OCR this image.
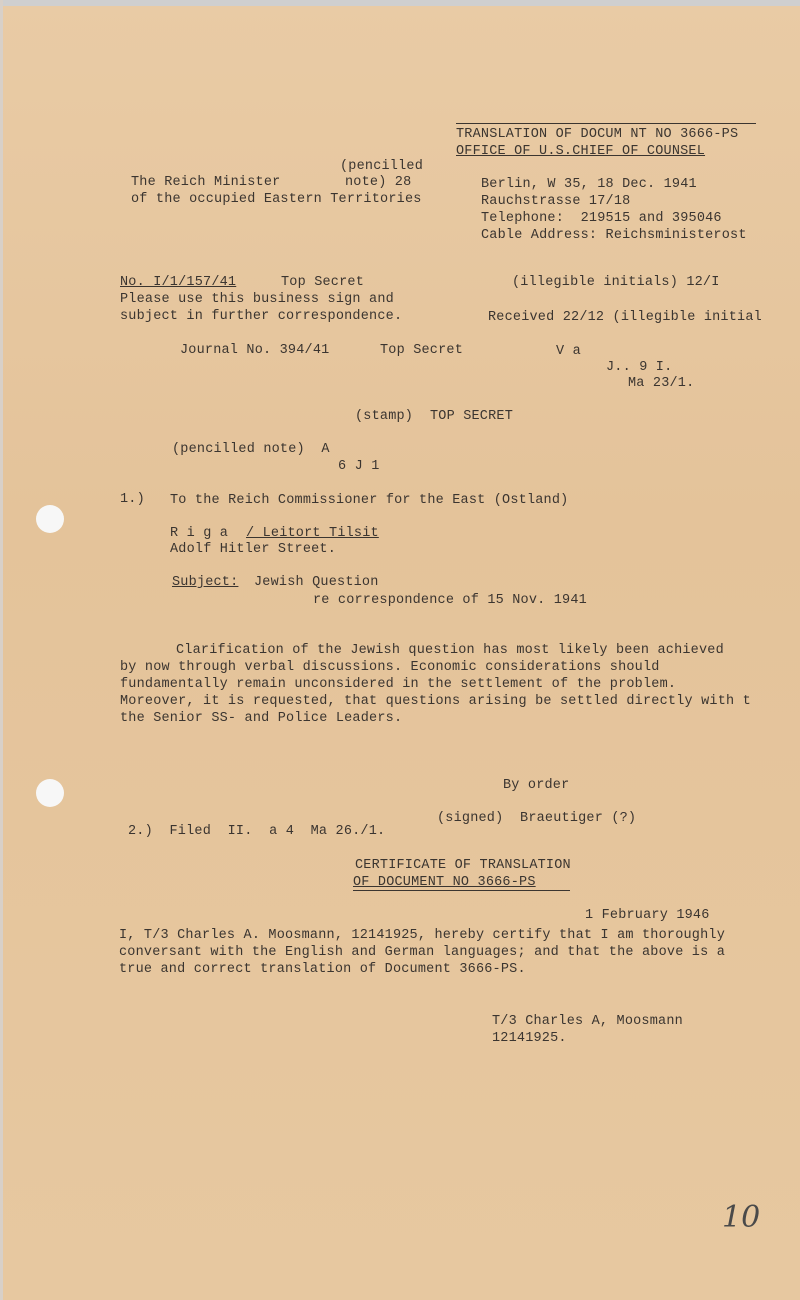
TRANSLATION OF DOCUM NT NO 3666-PS
OFFICE OF U.S.CHIEF OF COUNSEL
(pencilled
The Reich Minister	note) 28
of the occupied Eastern Territories
Berlin, W 35, 18 Dec. 1941
Rauchstrasse 17/18
Telephone:  219515 and 395046
Cable Address: Reichsministerost
No. I/1/157/41	Top Secret
Please use this business sign and
subject in further correspondence.
(illegible initials) 12/I
Received 22/12 (illegible initial
Journal No. 394/41	Top Secret	V a
J.. 9 I.
Ma 23/1.
(stamp) TOP SECRET
(pencilled note)  A
6 J 1
1.) To the Reich Commissioner for the East (Ostland)
R i g a / Leitort Tilsit
Adolf Hitler Street.
Subject: Jewish Question
re correspondence of 15 Nov. 1941
Clarification of the Jewish question has most likely been achieved
by now through verbal discussions. Economic considerations should
fundamentally remain unconsidered in the settlement of the problem.
Moreover, it is requested, that questions arising be settled directly with t
the Senior SS- and Police Leaders.
By order
(signed)  Braeutiger (?)
2.)  Filed  II.  a 4  Ma 26./1.
CERTIFICATE OF TRANSLATION
OF DOCUMENT NO 3666-PS
1 February 1946
I, T/3 Charles A. Moosmann, 12141925, hereby certify that I am thoroughly
conversant with the English and German languages; and that the above is a
true and correct translation of Document 3666-PS.
T/3 Charles A, Moosmann
12141925.
10
